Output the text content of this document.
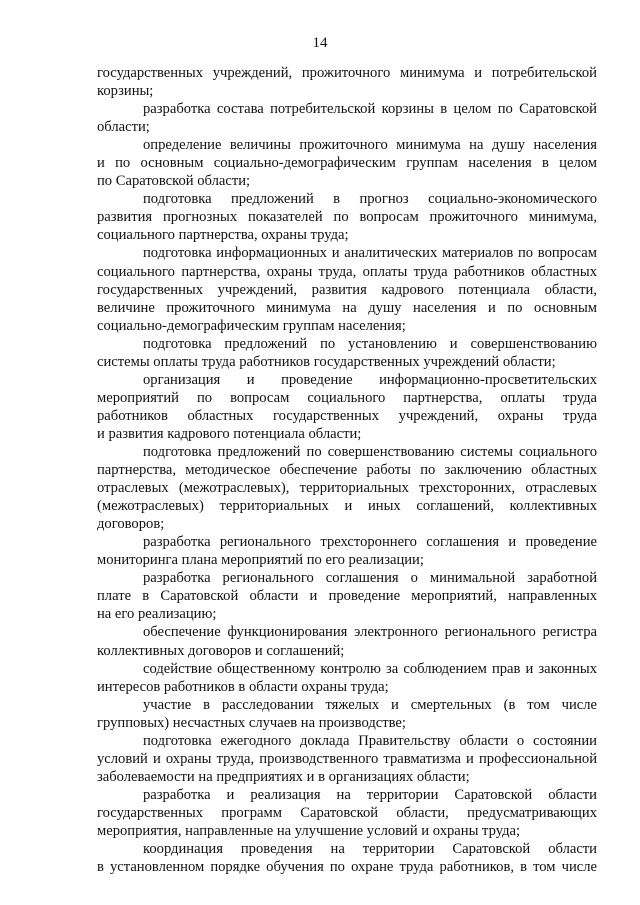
14
государственных учреждений, прожиточного минимума и потребительской
корзины;
разработка состава потребительской корзины в целом по Саратовской
области;
определение величины прожиточного минимума на душу населения
и по основным социально-демографическим группам населения в целом
по Саратовской области;
подготовка предложений в прогноз социально-экономического
развития прогнозных показателей по вопросам прожиточного минимума,
социального партнерства, охраны труда;
подготовка информационных и аналитических материалов по вопросам
социального партнерства, охраны труда, оплаты труда работников областных
государственных учреждений, развития кадрового потенциала области,
величине прожиточного минимума на душу населения и по основным
социально-демографическим группам населения;
подготовка предложений по установлению и совершенствованию
системы оплаты труда работников государственных учреждений области;
организация и проведение информационно-просветительских
мероприятий по вопросам социального партнерства, оплаты труда
работников областных государственных учреждений, охраны труда
и развития кадрового потенциала области;
подготовка предложений по совершенствованию системы социального
партнерства, методическое обеспечение работы по заключению областных
отраслевых (межотраслевых), территориальных трехсторонних, отраслевых
(межотраслевых) территориальных и иных соглашений, коллективных
договоров;
разработка регионального трехстороннего соглашения и проведение
мониторинга плана мероприятий по его реализации;
разработка регионального соглашения о минимальной заработной
плате в Саратовской области и проведение мероприятий, направленных
на его реализацию;
обеспечение функционирования электронного регионального регистра
коллективных договоров и соглашений;
содействие общественному контролю за соблюдением прав и законных
интересов работников в области охраны труда;
участие в расследовании тяжелых и смертельных (в том числе
групповых) несчастных случаев на производстве;
подготовка ежегодного доклада Правительству области о состоянии
условий и охраны труда, производственного травматизма и профессиональной
заболеваемости на предприятиях и в организациях области;
разработка и реализация на территории Саратовской области
государственных программ Саратовской области, предусматривающих
мероприятия, направленные на улучшение условий и охраны труда;
координация проведения на территории Саратовской области
в установленном порядке обучения по охране труда работников, в том числе
